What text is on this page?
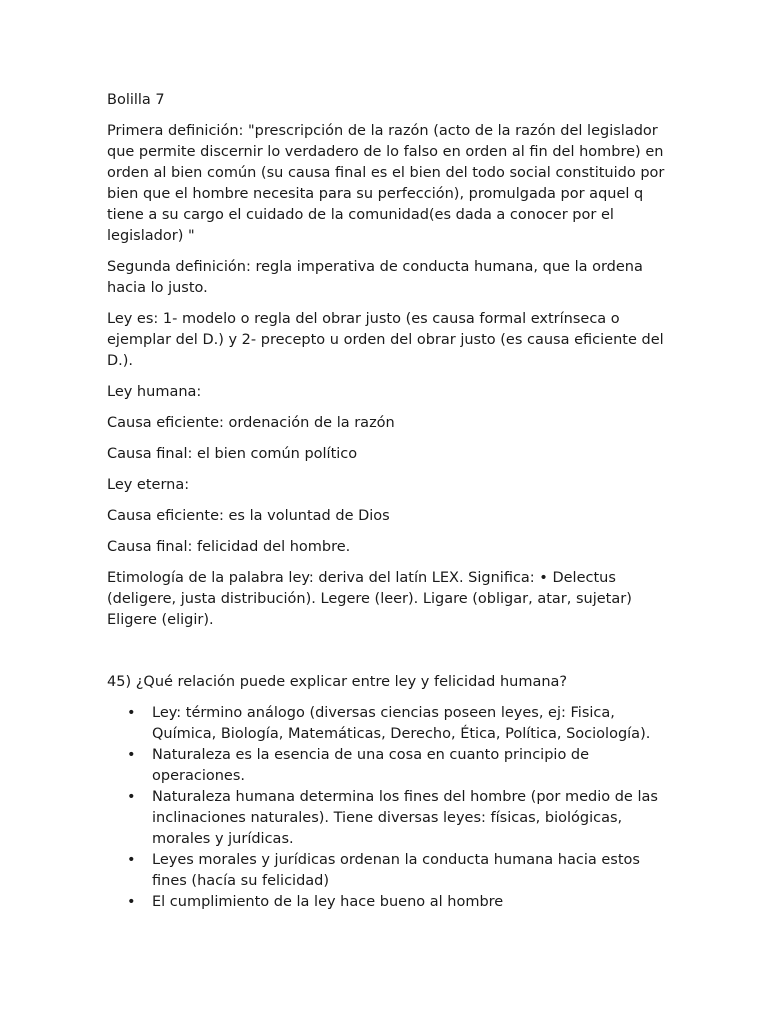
Bolilla 7

Primera definición: "prescripción de la razón (acto de la razón del legislador que permite discernir lo verdadero de lo falso en orden al fin del hombre) en orden al bien común (su causa final es el bien del todo social constituido por bien que el hombre necesita para su perfección), promulgada por aquel q tiene a su cargo el cuidado de la comunidad(es dada a conocer por el legislador) "

Segunda definición: regla imperativa de conducta humana, que la ordena hacia lo justo.

Ley es: 1- modelo o regla del obrar justo (es causa formal extrínseca o ejemplar del D.) y 2- precepto u orden del obrar justo (es causa eficiente del D.).

Ley humana:

Causa eficiente: ordenación de la razón

Causa final: el bien común político

Ley eterna:

Causa eficiente: es la voluntad de Dios

Causa final: felicidad del hombre.

Etimología de la palabra ley: deriva del latín LEX. Significa: • Delectus (deligere, justa distribución). Legere (leer). Ligare (obligar, atar, sujetar) Eligere (eligir).

45) ¿Qué relación puede explicar entre ley y felicidad humana?

• Ley: término análogo (diversas ciencias poseen leyes, ej: Fisica, Química, Biología, Matemáticas, Derecho, Ética, Política, Sociología).
• Naturaleza es la esencia de una cosa en cuanto principio de operaciones.
• Naturaleza humana determina los fines del hombre (por medio de las inclinaciones naturales). Tiene diversas leyes: físicas, biológicas, morales y jurídicas.
• Leyes morales y jurídicas ordenan la conducta humana hacia estos fines (hacía su felicidad)
• El cumplimiento de la ley hace bueno al hombre
